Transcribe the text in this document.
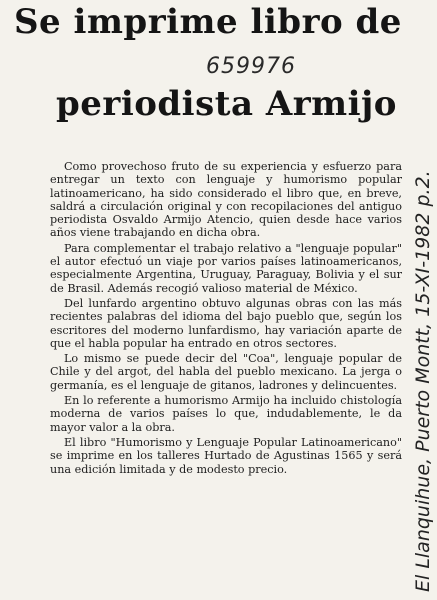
Se imprime libro de
659976
periodista Armijo

Como provechoso fruto de su experiencia y esfuerzo para entregar un texto con lenguaje y humorismo popular latinoamericano, ha sido considerado el libro que, en breve, saldrá a circulación original y con recopilaciones del antiguo periodista Osvaldo Armijo Atencio, quien desde hace varios años viene trabajando en dicha obra.

Para complementar el trabajo relativo a "lenguaje popular" el autor efectuó un viaje por varios países latinoamericanos, especialmente Argentina, Uruguay, Paraguay, Bolivia y el sur de Brasil. Además recogió valioso material de México.

Del lunfardo argentino obtuvo algunas obras con las más recientes palabras del idioma del bajo pueblo que, según los escritores del moderno lunfardismo, hay variación aparte de que el habla popular ha entrado en otros sectores.

Lo mismo se puede decir del "Coa", lenguaje popular de Chile y del argot, del habla del pueblo mexicano. La jerga o germanía, es el lenguaje de gitanos, ladrones y delincuentes.

En lo referente a humorismo Armijo ha incluido chistología moderna de varios países lo que, indudablemente, le da mayor valor a la obra.

El libro "Humorismo y Lenguaje Popular Latinoamericano" se imprime en los talleres Hurtado de Agustinas 1565 y será una edición limitada y de modesto precio.	El Llanquihue, Puerto Montt, 15-XI-1982 p.2.
